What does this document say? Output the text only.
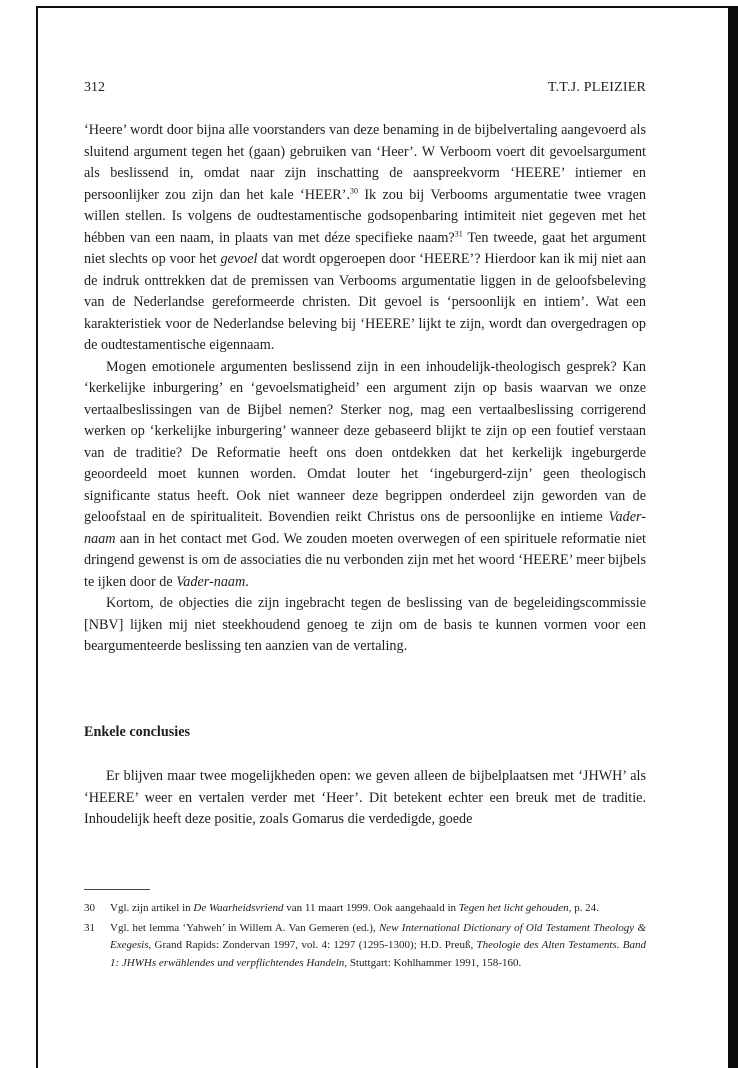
312	T.T.J. PLEIZIER

‘Heere’ wordt door bijna alle voorstanders van deze benaming in de bijbelvertaling aangevoerd als sluitend argument tegen het (gaan) gebruiken van ‘Heer’. W Verboom voert dit gevoelsargument als beslissend in, omdat naar zijn inschatting de aanspreekvorm ‘HEERE’ intiemer en persoonlijker zou zijn dan het kale ‘HEER’.$^{30}$ Ik zou bij Verbooms argumentatie twee vragen willen stellen. Is volgens de oudtestamentische godsopenbaring intimiteit niet gegeven met het hébben van een naam, in plaats van met déze specifieke naam?$^{31}$ Ten tweede, gaat het argument niet slechts op voor het gevoel dat wordt opgeroepen door ‘HEERE’? Hierdoor kan ik mij niet aan de indruk onttrekken dat de premissen van Verbooms argumentatie liggen in de geloofsbeleving van de Nederlandse gereformeerde christen. Dit gevoel is ‘persoonlijk en intiem’. Wat een karakteristiek voor de Nederlandse beleving bij ‘HEERE’ lijkt te zijn, wordt dan overgedragen op de oudtestamentische eigennaam.

Mogen emotionele argumenten beslissend zijn in een inhoudelijk-theologisch gesprek? Kan ‘kerkelijke inburgering’ en ‘gevoelsmatigheid’ een argument zijn op basis waarvan we onze vertaalbeslissingen van de Bijbel nemen? Sterker nog, mag een vertaalbeslissing corrigerend werken op ‘kerkelijke inburgering’ wanneer deze gebaseerd blijkt te zijn op een foutief verstaan van de traditie? De Reformatie heeft ons doen ontdekken dat het kerkelijk ingeburgerde geoordeeld moet kunnen worden. Omdat louter het ‘ingeburgerd-zijn’ geen theologisch significante status heeft. Ook niet wanneer deze begrippen onderdeel zijn geworden van de geloofstaal en de spiritualiteit. Bovendien reikt Christus ons de persoonlijke en intieme Vader-naam aan in het contact met God. We zouden moeten overwegen of een spirituele reformatie niet dringend gewenst is om de associaties die nu verbonden zijn met het woord ‘HEERE’ meer bijbels te ijken door de Vader-naam.

Kortom, de objecties die zijn ingebracht tegen de beslissing van de begeleidingscommissie [NBV] lijken mij niet steekhoudend genoeg te zijn om de basis te kunnen vormen voor een beargumenteerde beslissing ten aanzien van de vertaling.

Enkele conclusies

Er blijven maar twee mogelijkheden open: we geven alleen de bijbelplaatsen met ‘JHWH’ als ‘HEERE’ weer en vertalen verder met ‘Heer’. Dit betekent echter een breuk met de traditie. Inhoudelijk heeft deze positie, zoals Gomarus die verdedigde, goede

30 Vgl. zijn artikel in De Waarheidsvriend van 11 maart 1999. Ook aangehaald in Tegen het licht gehouden, p. 24.

31 Vgl. het lemma ‘Yahweh’ in Willem A. Van Gemeren (ed.), New International Dictionary of Old Testament Theology & Exegesis, Grand Rapids: Zondervan 1997, vol. 4: 1297 (1295-1300); H.D. Preuß, Theologie des Alten Testaments. Band 1: JHWHs erwählendes und verpflichtendes Handeln, Stuttgart: Kohlhammer 1991, 158-160.
